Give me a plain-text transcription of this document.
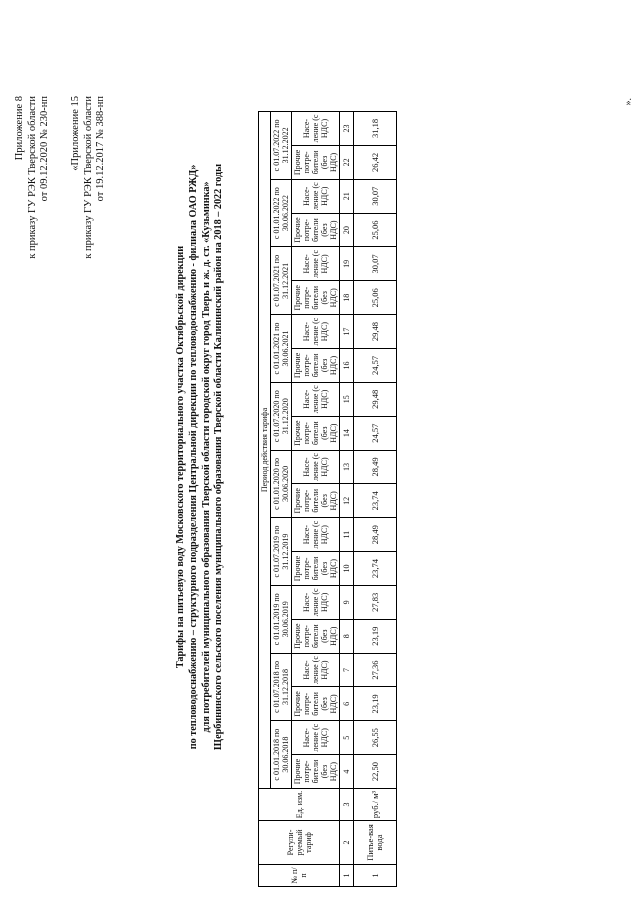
Приложение 8 к приказу ГУ РЭК Тверской области от 09.12.2020 № 230-нп «Приложение 15 к приказу ГУ РЭК Тверской области от 19.12.2017 № 388-нп
Тарифы на питьевую воду Московского территориального участка Октябрьской дирекции по тепловодоснабжению – структурного подразделения Центральной дирекции по тепловодоснабжению - филиала ОАО РЖД» для потребителей муниципального образования Тверской области городской округ город Тверь и ж. д. ст. «Кузьминка» Щербининского сельского поселения муниципального образования Тверской области Калининский район на 2018 – 2022 годы
№ п/ п	Регули-руемый тариф	Ед. изм.	Период действия тарифа																			
			с 01.01.2018 по 30.06.2018		с 01.07.2018 по 31.12.2018		с 01.01.2019 по 30.06.2019		с 01.07.2019 по 31.12.2019		с 01.01.2020 по 30.06.2020		с 01.07.2020 по 31.12.2020		с 01.01.2021 по 30.06.2021		с 01.07.2021 по 31.12.2021		с 01.01.2022 по 30.06.2022		с 01.07.2022 по 31.12.2022	
			Прочие потре-бители (без НДС)	Насе-ление (с НДС)	Прочие потре-бители (без НДС)	Насе-ление (с НДС)	Прочие потре-бители (без НДС)	Насе-ление (с НДС)	Прочие потре-бители (без НДС)	Насе-ление (с НДС)	Прочие потре-бители (без НДС)	Насе-ление (с НДС)	Прочие потре-бители (без НДС)	Насе-ление (с НДС)	Прочие потре-бители (без НДС)	Насе-ление (с НДС)	Прочие потре-бители (без НДС)	Насе-ление (с НДС)	Прочие потре-бители (без НДС)	Насе-ление (с НДС)	Прочие потре-бители (без НДС)	Насе-ление (с НДС)
1	2	3	4	5	6	7	8	9	10	11	12	13	14	15	16	17	18	19	20	21	22	23
1	Питье-вая вода	руб./ м³	22,50	26,55	23,19	27,36	23,19	27,83	23,74	28,49	23,74	28,49	24,57	29,48	24,57	29,48	25,06	30,07	25,06	30,07	26,42	31,18
».
